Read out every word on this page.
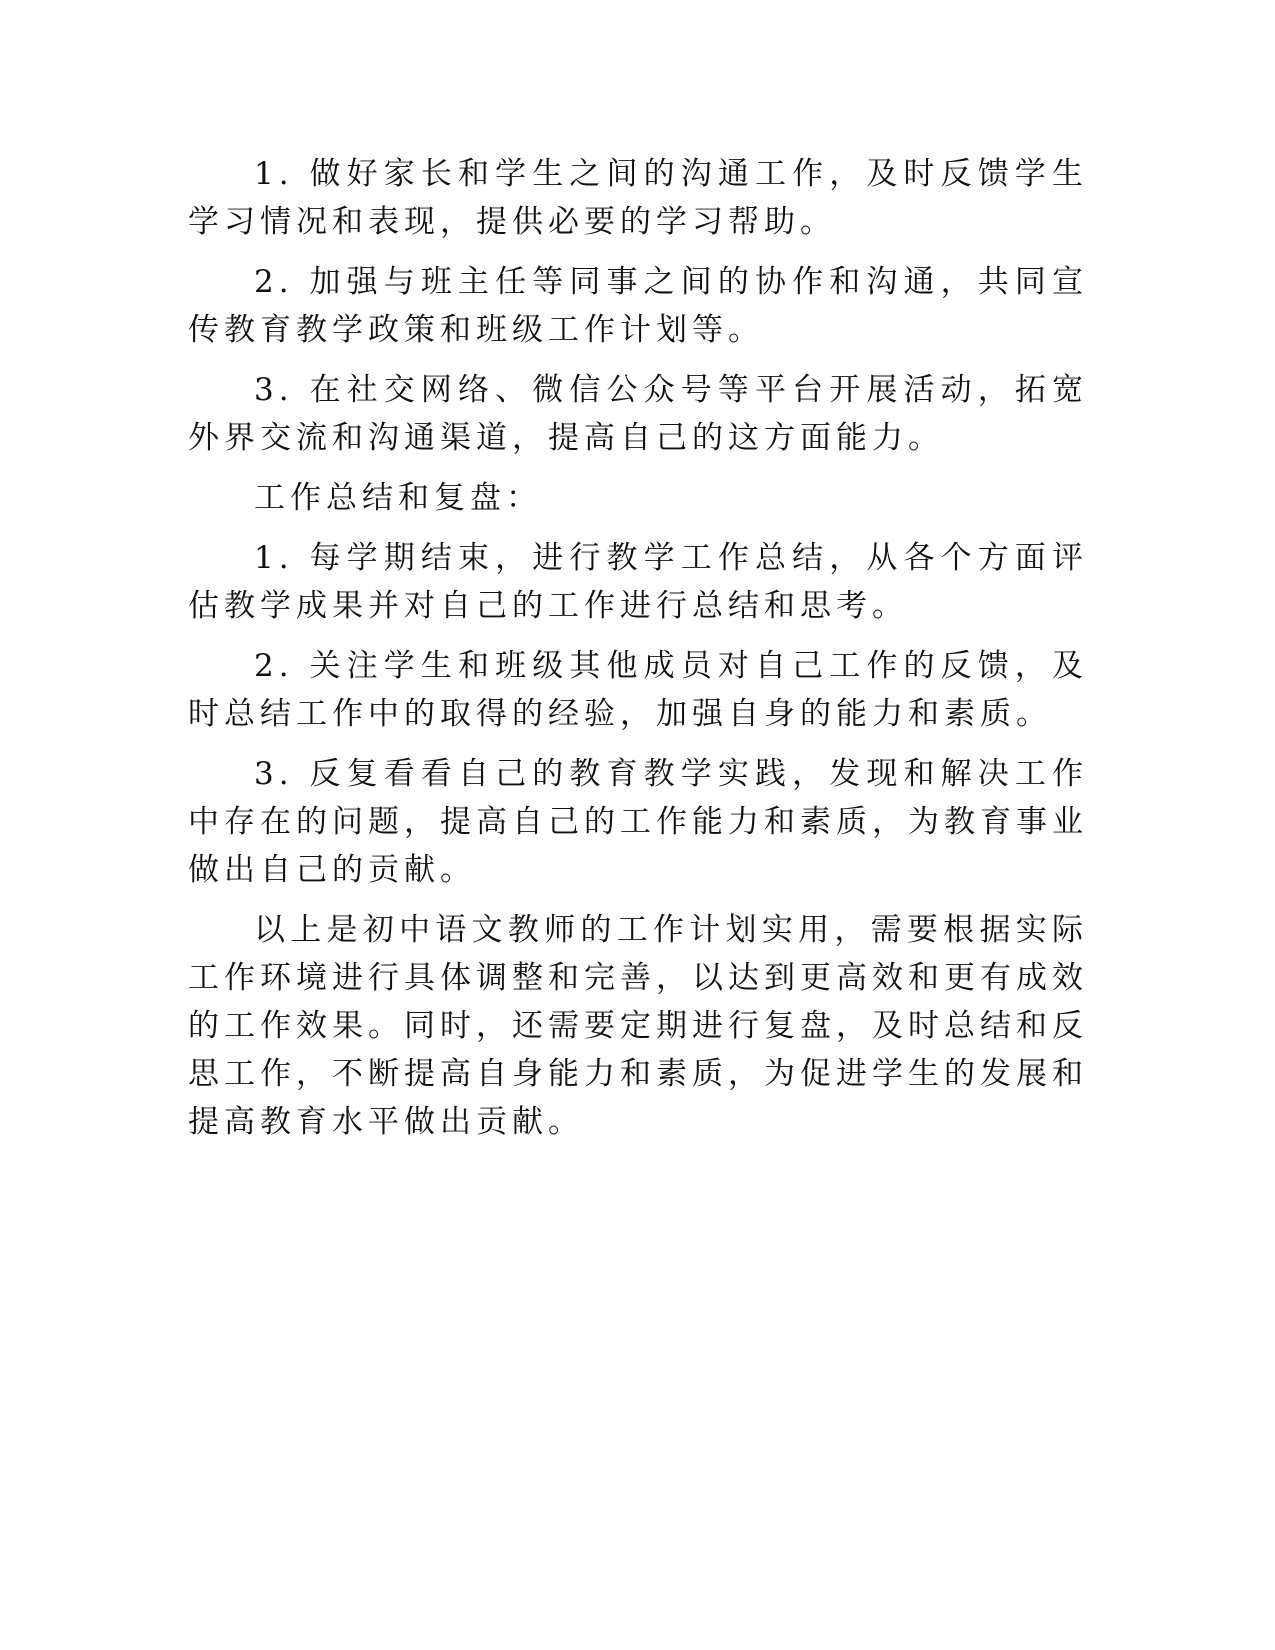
1. 做好家长和学生之间的沟通工作，及时反馈学生学习情况和表现，提供必要的学习帮助。

2. 加强与班主任等同事之间的协作和沟通，共同宣传教育教学政策和班级工作计划等。

3. 在社交网络、微信公众号等平台开展活动，拓宽外界交流和沟通渠道，提高自己的这方面能力。

工作总结和复盘：

1. 每学期结束，进行教学工作总结，从各个方面评估教学成果并对自己的工作进行总结和思考。

2. 关注学生和班级其他成员对自己工作的反馈，及时总结工作中的取得的经验，加强自身的能力和素质。

3. 反复看看自己的教育教学实践，发现和解决工作中存在的问题，提高自己的工作能力和素质，为教育事业做出自己的贡献。

以上是初中语文教师的工作计划实用，需要根据实际工作环境进行具体调整和完善，以达到更高效和更有成效的工作效果。同时，还需要定期进行复盘，及时总结和反思工作，不断提高自身能力和素质，为促进学生的发展和提高教育水平做出贡献。
